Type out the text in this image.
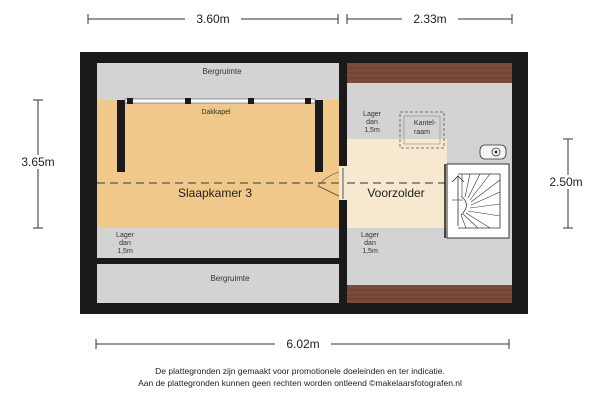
3.60m	2.33m
3.65m
2.50m
6.02m
Slaapkamer 3	Voorzolder
Bergruimte
Bergruimte
Dakkapel
Kantel-
raam
Lager
dan
1,5m
Lager
dan
1,5m
Lager
dan
1,5m
De plattegronden zijn gemaakt voor promotionele doeleinden en ter indicatie.
Aan de plattegronden kunnen geen rechten worden ontleend ©makelaarsfotografen.nl
